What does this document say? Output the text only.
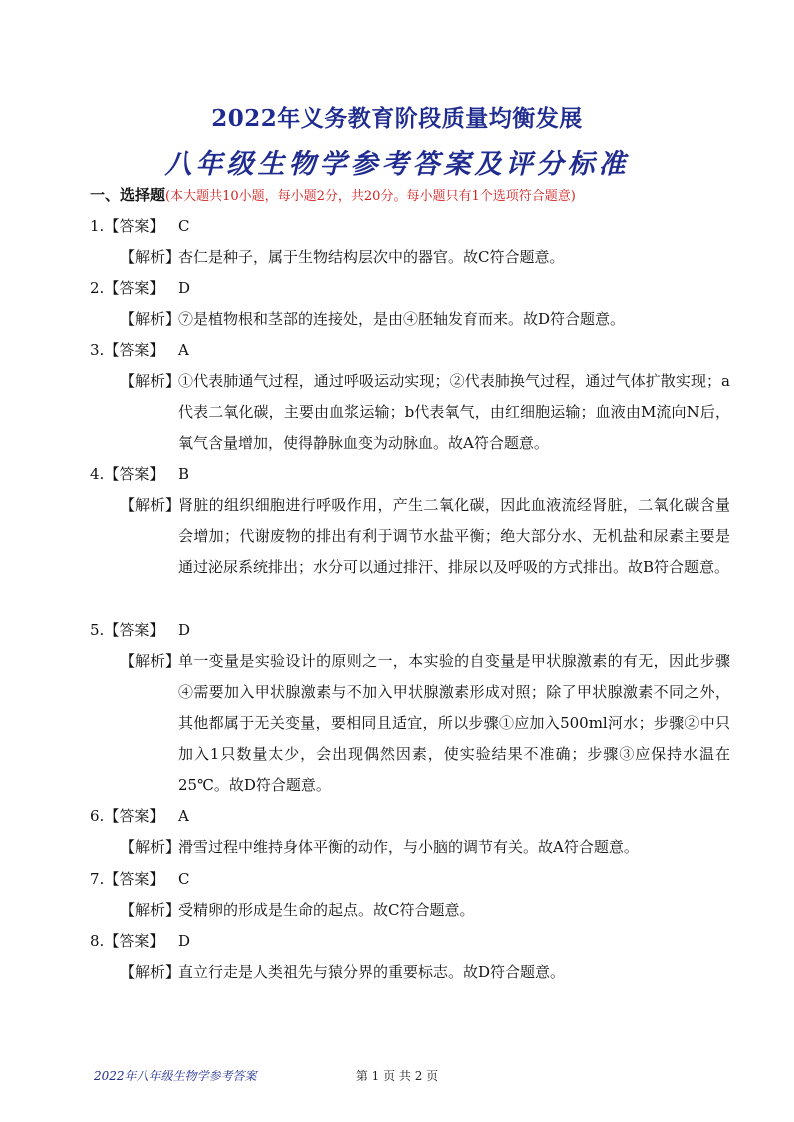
2022年义务教育阶段质量均衡发展
八年级生物学参考答案及评分标准
一、选择题(本大题共10小题，每小题2分，共20分。每小题只有1个选项符合题意)
1.【答案】 C
【解析】
杏仁是种子，属于生物结构层次中的器官。故C符合题意。
2.【答案】 D
【解析】
⑦是植物根和茎部的连接处，是由④胚轴发育而来。故D符合题意。
3.【答案】 A
【解析】
①代表肺通气过程，通过呼吸运动实现；②代表肺换气过程，通过气体扩散实现；a代表二氧化碳，主要由血浆运输；b代表氧气，由红细胞运输；血液由M流向N后，氧气含量增加，使得静脉血变为动脉血。故A符合题意。
4.【答案】 B
【解析】
肾脏的组织细胞进行呼吸作用，产生二氧化碳，因此血液流经肾脏，二氧化碳含量会增加；代谢废物的排出有利于调节水盐平衡；绝大部分水、无机盐和尿素主要是通过泌尿系统排出；水分可以通过排汗、排尿以及呼吸的方式排出。故B符合题意。
5.【答案】 D
【解析】
单一变量是实验设计的原则之一，本实验的自变量是甲状腺激素的有无，因此步骤④需要加入甲状腺激素与不加入甲状腺激素形成对照；除了甲状腺激素不同之外，其他都属于无关变量，要相同且适宜，所以步骤①应加入500ml河水；步骤②中只加入1只数量太少，会出现偶然因素，使实验结果不准确；步骤③应保持水温在25℃。故D符合题意。
6.【答案】 A
【解析】
滑雪过程中维持身体平衡的动作，与小脑的调节有关。故A符合题意。
7.【答案】 C
【解析】
受精卵的形成是生命的起点。故C符合题意。
8.【答案】 D
【解析】
直立行走是人类祖先与猿分界的重要标志。故D符合题意。
2022年八年级生物学参考答案	第 1 页 共 2 页
